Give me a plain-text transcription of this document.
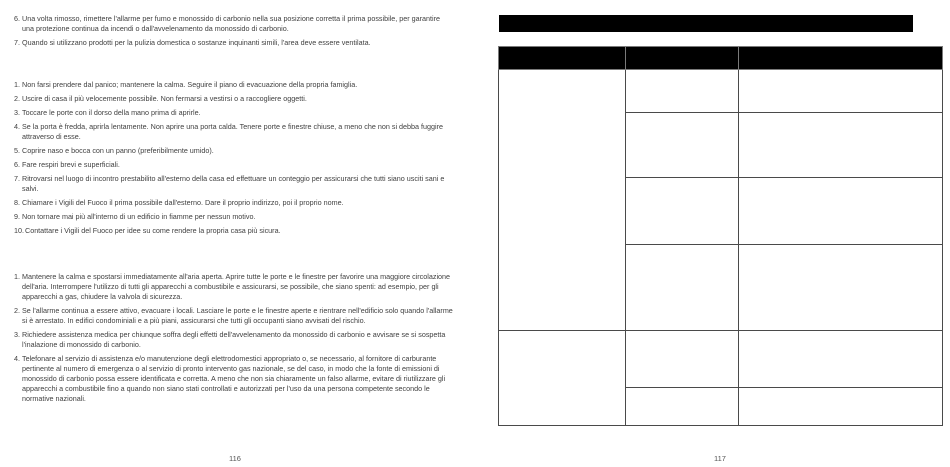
6. Una volta rimosso, rimettere l'allarme per fumo e monossido di carbonio nella sua posizione corretta il prima possibile, per garantire una protezione continua da incendi o dall'avvelenamento da monossido di carbonio.
7. Quando si utilizzano prodotti per la pulizia domestica o sostanze inquinanti simili, l'area deve essere ventilata.
1. Non farsi prendere dal panico; mantenere la calma. Seguire il piano di evacuazione della propria famiglia.
2. Uscire di casa il più velocemente possibile. Non fermarsi a vestirsi o a raccogliere oggetti.
3. Toccare le porte con il dorso della mano prima di aprirle.
4. Se la porta è fredda, aprirla lentamente. Non aprire una porta calda. Tenere porte e finestre chiuse, a meno che non si debba fuggire attraverso di esse.
5. Coprire naso e bocca con un panno (preferibilmente umido).
6. Fare respiri brevi e superficiali.
7. Ritrovarsi nel luogo di incontro prestabilito all'esterno della casa ed effettuare un conteggio per assicurarsi che tutti siano usciti sani e salvi.
8. Chiamare i Vigili del Fuoco il prima possibile dall'esterno. Dare il proprio indirizzo, poi il proprio nome.
9. Non tornare mai più all'interno di un edificio in fiamme per nessun motivo.
10. Contattare i Vigili del Fuoco per idee su come rendere la propria casa più sicura.
1. Mantenere la calma e spostarsi immediatamente all'aria aperta. Aprire tutte le porte e le finestre per favorire una maggiore circolazione dell'aria. Interrompere l'utilizzo di tutti gli apparecchi a combustibile e assicurarsi, se possibile, che siano spenti: ad esempio, per gli apparecchi a gas, chiudere la valvola di sicurezza.
2. Se l'allarme continua a essere attivo, evacuare i locali. Lasciare le porte e le finestre aperte e rientrare nell'edificio solo quando l'allarme si è arrestato. In edifici condominiali e a più piani, assicurarsi che tutti gli occupanti siano avvisati del rischio.
3. Richiedere assistenza medica per chiunque soffra degli effetti dell'avvelenamento da monossido di carbonio e avvisare se si sospetta l'inalazione di monossido di carbonio.
4. Telefonare al servizio di assistenza e/o manutenzione degli elettrodomestici appropriato o, se necessario, al fornitore di carburante pertinente al numero di emergenza o al servizio di pronto intervento gas nazionale, se del caso, in modo che la fonte di emissioni di monossido di carbonio possa essere identificata e corretta. A meno che non sia chiaramente un falso allarme, evitare di riutilizzare gli apparecchi a combustibile fino a quando non siano stati controllati e autorizzati per l'uso da una persona competente secondo le normative nazionali.
116

		117
